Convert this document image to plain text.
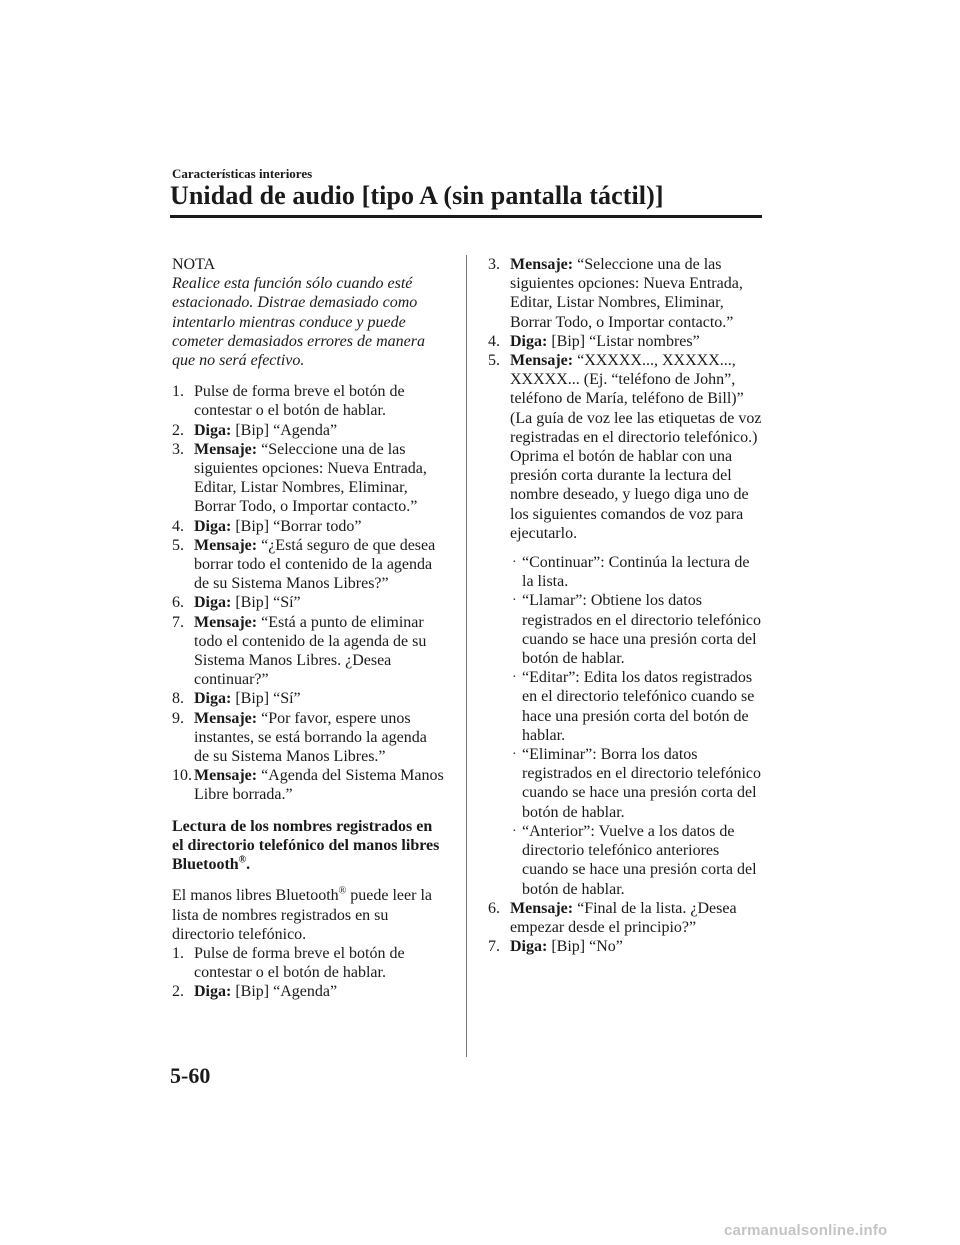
Características interiores
Unidad de audio [tipo A (sin pantalla táctil)]

NOTA

Realice esta función sólo cuando esté estacionado. Distrae demasiado como intentarlo mientras conduce y puede cometer demasiados errores de manera que no será efectivo.

1. Pulse de forma breve el botón de contestar o el botón de hablar.
2. Diga: [Bip] “Agenda”
3. Mensaje: “Seleccione una de las siguientes opciones: Nueva Entrada, Editar, Listar Nombres, Eliminar, Borrar Todo, o Importar contacto.”
4. Diga: [Bip] “Borrar todo”
5. Mensaje: “¿Está seguro de que desea borrar todo el contenido de la agenda de su Sistema Manos Libres?”
6. Diga: [Bip] “Sí”
7. Mensaje: “Está a punto de eliminar todo el contenido de la agenda de su Sistema Manos Libres. ¿Desea continuar?”
8. Diga: [Bip] “Sí”
9. Mensaje: “Por favor, espere unos instantes, se está borrando la agenda de su Sistema Manos Libres.”
10. Mensaje: “Agenda del Sistema Manos Libre borrada.”

Lectura de los nombres registrados en el directorio telefónico del manos libres Bluetooth®.

El manos libres Bluetooth® puede leer la lista de nombres registrados en su directorio telefónico.

1. Pulse de forma breve el botón de contestar o el botón de hablar.
2. Diga: [Bip] “Agenda”
3. Mensaje: “Seleccione una de las siguientes opciones: Nueva Entrada, Editar, Listar Nombres, Eliminar, Borrar Todo, o Importar contacto.”
4. Diga: [Bip] “Listar nombres”
5. Mensaje: “XXXXX..., XXXXX..., XXXXX... (Ej. “teléfono de John”, teléfono de María, teléfono de Bill)” (La guía de voz lee las etiquetas de voz registradas en el directorio telefónico.) Oprima el botón de hablar con una presión corta durante la lectura del nombre deseado, y luego diga uno de los siguientes comandos de voz para ejecutarlo.
· “Continuar”: Continúa la lectura de la lista.
· “Llamar”: Obtiene los datos registrados en el directorio telefónico cuando se hace una presión corta del botón de hablar.
· “Editar”: Edita los datos registrados en el directorio telefónico cuando se hace una presión corta del botón de hablar.
· “Eliminar”: Borra los datos registrados en el directorio telefónico cuando se hace una presión corta del botón de hablar.
· “Anterior”: Vuelve a los datos de directorio telefónico anteriores cuando se hace una presión corta del botón de hablar.
6. Mensaje: “Final de la lista. ¿Desea empezar desde el principio?”
7. Diga: [Bip] “No”
5-60
carmanualsonline.info
